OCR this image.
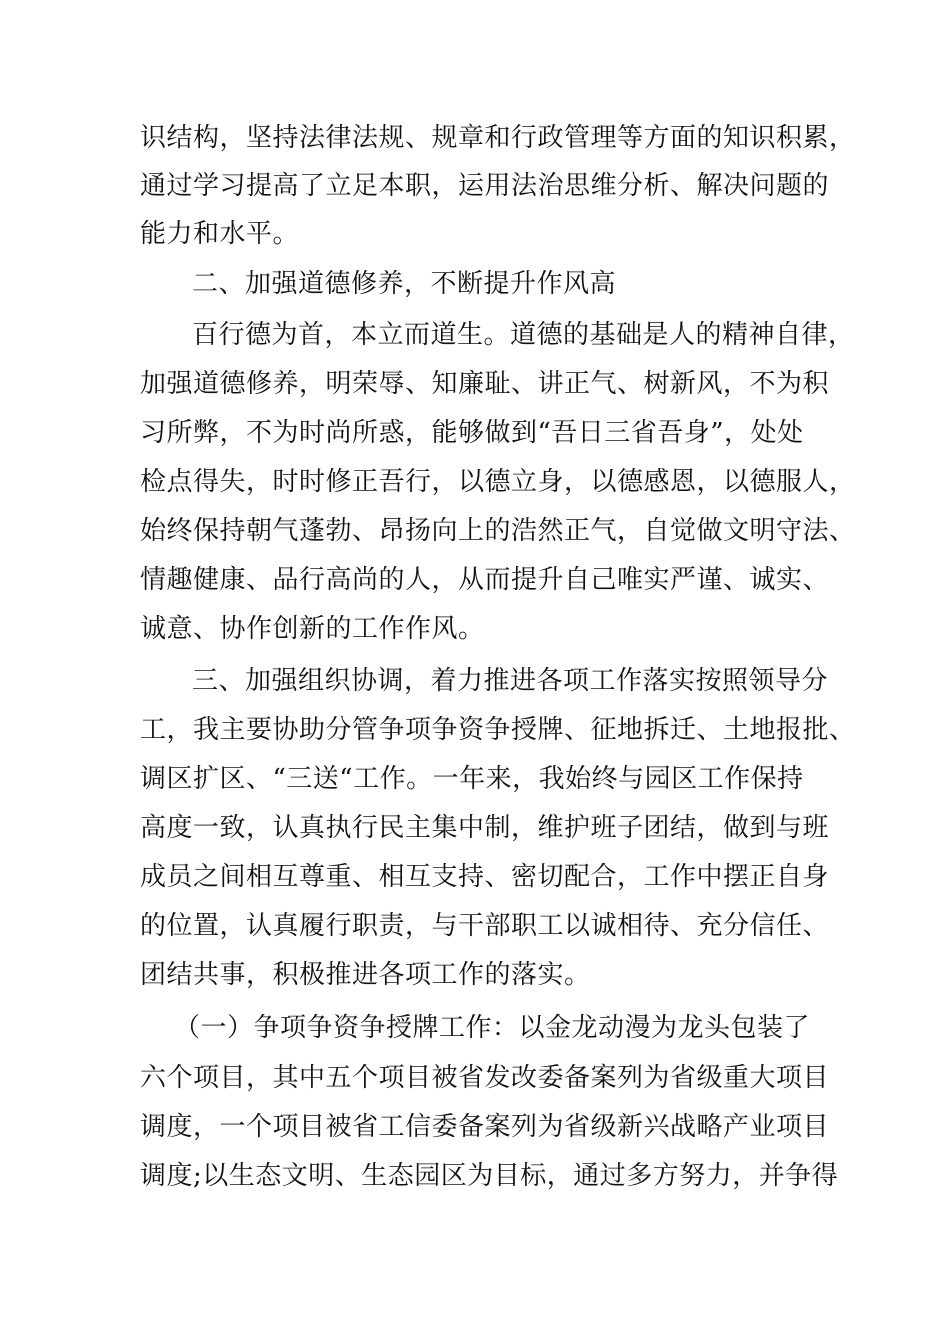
识结构，坚持法律法规、规章和行政管理等方面的知识积累，
通过学习提高了立足本职，运用法治思维分析、解决问题的
能力和水平。
二、加强道德修养，不断提升作风高
百行德为首，本立而道生。道德的基础是人的精神自律，
加强道德修养，明荣辱、知廉耻、讲正气、树新风，不为积
习所弊，不为时尚所惑，能够做到“吾日三省吾身”，处处
检点得失，时时修正吾行，以德立身，以德感恩，以德服人，
始终保持朝气蓬勃、昂扬向上的浩然正气，自觉做文明守法、
情趣健康、品行高尚的人，从而提升自己唯实严谨、诚实、
诚意、协作创新的工作作风。
三、加强组织协调，着力推进各项工作落实按照领导分
工，我主要协助分管争项争资争授牌、征地拆迁、土地报批、
调区扩区、“三送“工作。一年来，我始终与园区工作保持
高度一致，认真执行民主集中制，维护班子团结，做到与班
成员之间相互尊重、相互支持、密切配合，工作中摆正自身
的位置，认真履行职责，与干部职工以诚相待、充分信任、
团结共事，积极推进各项工作的落实。
（一）争项争资争授牌工作：以金龙动漫为龙头包装了
六个项目，其中五个项目被省发改委备案列为省级重大项目
调度，一个项目被省工信委备案列为省级新兴战略产业项目
调度;以生态文明、生态园区为目标，通过多方努力，并争得
